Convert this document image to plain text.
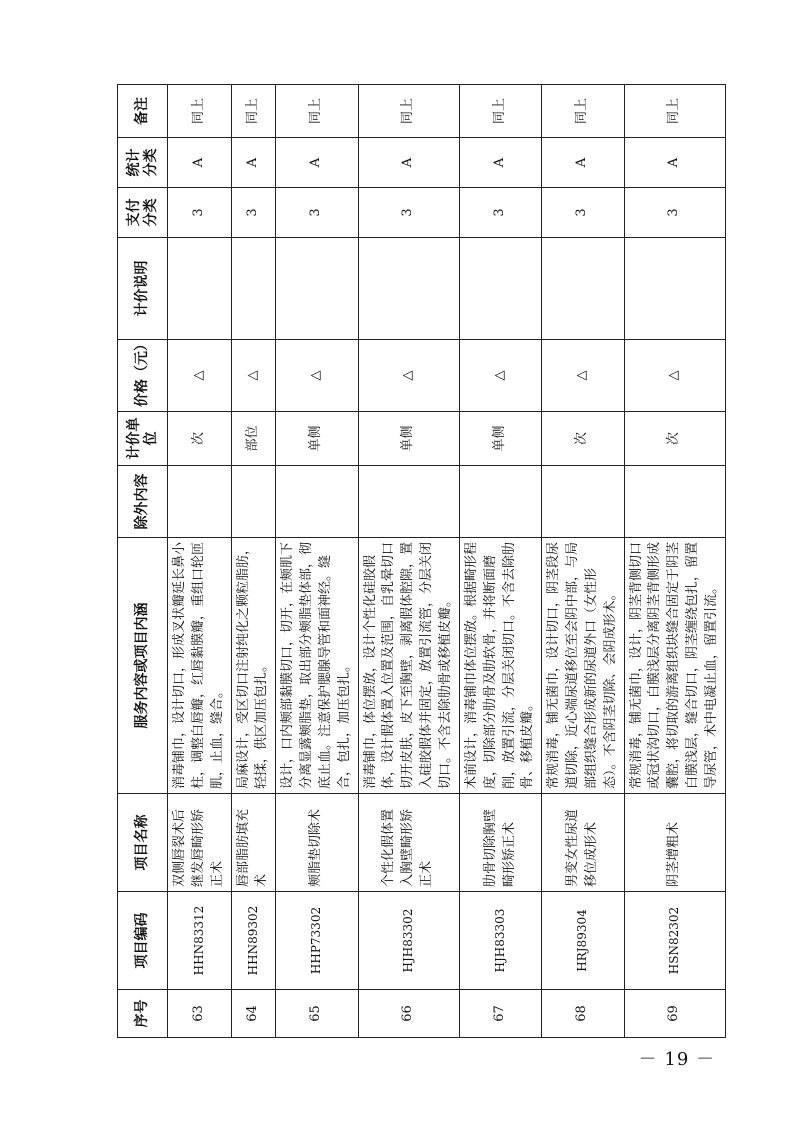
序号	项目编码	项目名称	服务内容或项目内涵	除外内容	计价单位	价格（元）	计价说明	支付分类	统计分类	备注
63	HHN83312	双侧唇裂术后继发唇畸形矫正术	消毒铺巾，设计切口，形成叉状瓣延长鼻小柱，调整白唇瓣，红唇黏膜瓣，重组口轮匝肌，止血，缝合。		次	△		3	A	同上
64	HHN89302	唇部脂肪填充术	局麻设计，受区切口注射纯化之颗粒脂肪，轻揉，供区加压包扎。		部位	△		3	A	同上
65	HHP73302	颊脂垫切除术	设计，口内颊部黏膜切口，切开，在颊肌下分离显露颊脂垫，取出部分颊脂垫体部，彻底止血。注意保护腮腺导管和面神经。缝合，包扎，加压包扎。		单侧	△		3	A	同上
66	HJH83302	个性化假体置入胸壁畸形矫正术	消毒铺巾，体位摆放，设计个性化硅胶假体，设计假体置入位置及范围，自乳晕切口切开皮肤，皮下至胸壁，剥离假体腔隙，置入硅胶假体并固定，放置引流管，分层关闭切口。不含去除肋骨或移植皮瓣。		单侧	△		3	A	同上
67	HJH83303	肋骨切除胸壁畸形矫正术	术前设计，消毒铺巾体位摆放。根据畸形程度，切除部分肋骨及肋软骨，并将断面磨削，放置引流，分层关闭切口。不含去除肋骨、移植皮瓣。		单侧	△		3	A	同上
68	HRJ89304	男变女性尿道移位成形术	常规消毒，铺无菌巾，设计切口，阴茎段尿道切除，近心端尿道移位至会阴中部，与局部组织缝合形成新的尿道外口（女性形态）。不含阴茎切除、会阴成形术。		次	△		3	A	同上
69	HSN82302	阴茎增粗术	常规消毒，铺无菌巾，设计，阴茎背侧切口或冠状沟切口，白膜浅层分离阴茎背侧形成囊腔，将切取的游离组织块缝合固定于阴茎白膜浅层，缝合切口，阴茎缠绕包扎，留置导尿管，术中电凝止血，留置引流。		次	△		3	A	同上
－ 19 －
